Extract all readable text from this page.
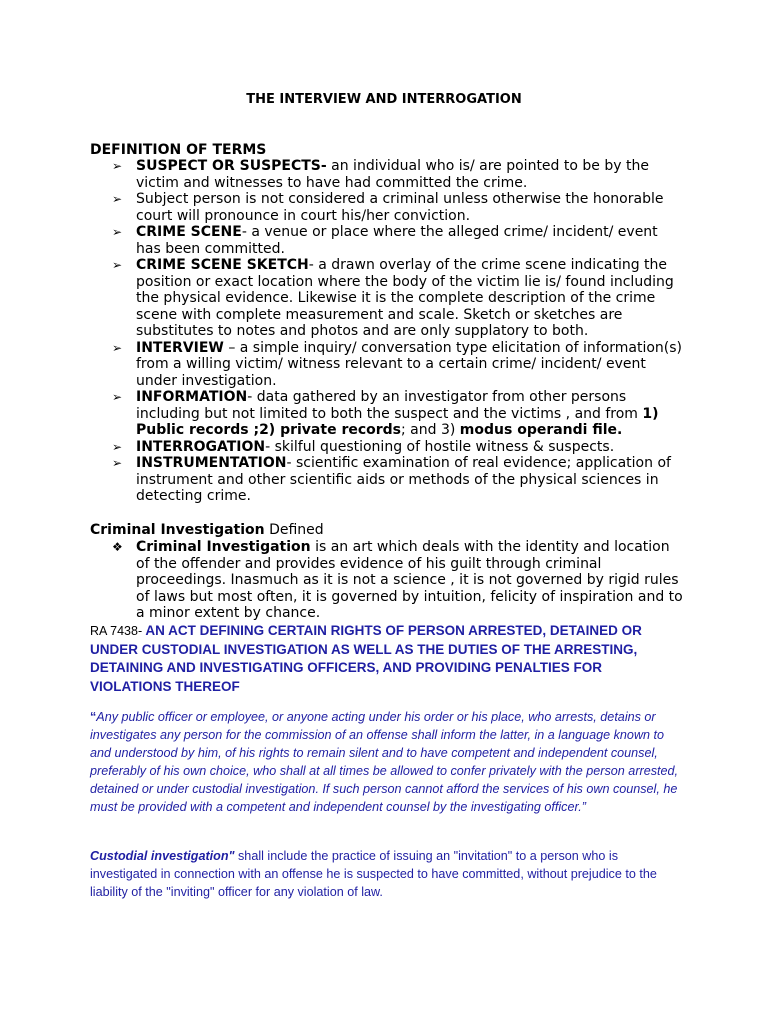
THE INTERVIEW AND INTERROGATION
DEFINITION OF TERMS
➢ SUSPECT OR SUSPECTS- an individual who is/ are pointed to be by the victim and witnesses to have had committed the crime.
➢ Subject person is not considered a criminal unless otherwise the honorable court will pronounce in court his/her conviction.
➢ CRIME SCENE- a venue or place where the alleged crime/ incident/ event has been committed.
➢ CRIME SCENE SKETCH- a drawn overlay of the crime scene indicating the position or exact location where the body of the victim lie is/ found including the physical evidence. Likewise it is the complete description of the crime scene with complete measurement and scale. Sketch or sketches are substitutes to notes and photos and are only supplatory to both.
➢ INTERVIEW – a simple inquiry/ conversation type elicitation of information(s) from a willing victim/ witness relevant to a certain crime/ incident/ event under investigation.
➢ INFORMATION- data gathered by an investigator from other persons including but not limited to both the suspect and the victims , and from 1) Public records ;2) private records; and 3) modus operandi file.
➢ INTERROGATION- skilful questioning of hostile witness & suspects.
➢ INSTRUMENTATION- scientific examination of real evidence; application of instrument and other scientific aids or methods of the physical sciences in detecting crime.
Criminal Investigation Defined
❖ Criminal Investigation is an art which deals with the identity and location of the offender and provides evidence of his guilt through criminal proceedings. Inasmuch as it is not a science , it is not governed by rigid rules of laws but most often, it is governed by intuition, felicity of inspiration and to a minor extent by chance.
RA 7438- AN ACT DEFINING CERTAIN RIGHTS OF PERSON ARRESTED, DETAINED OR UNDER CUSTODIAL INVESTIGATION AS WELL AS THE DUTIES OF THE ARRESTING, DETAINING AND INVESTIGATING OFFICERS, AND PROVIDING PENALTIES FOR VIOLATIONS THEREOF
“Any public officer or employee, or anyone acting under his order or his place, who arrests, detains or investigates any person for the commission of an offense shall inform the latter, in a language known to and understood by him, of his rights to remain silent and to have competent and independent counsel, preferably of his own choice, who shall at all times be allowed to confer privately with the person arrested, detained or under custodial investigation. If such person cannot afford the services of his own counsel, he must be provided with a competent and independent counsel by the investigating officer.”
Custodial investigation" shall include the practice of issuing an "invitation" to a person who is investigated in connection with an offense he is suspected to have committed, without prejudice to the liability of the "inviting" officer for any violation of law.
